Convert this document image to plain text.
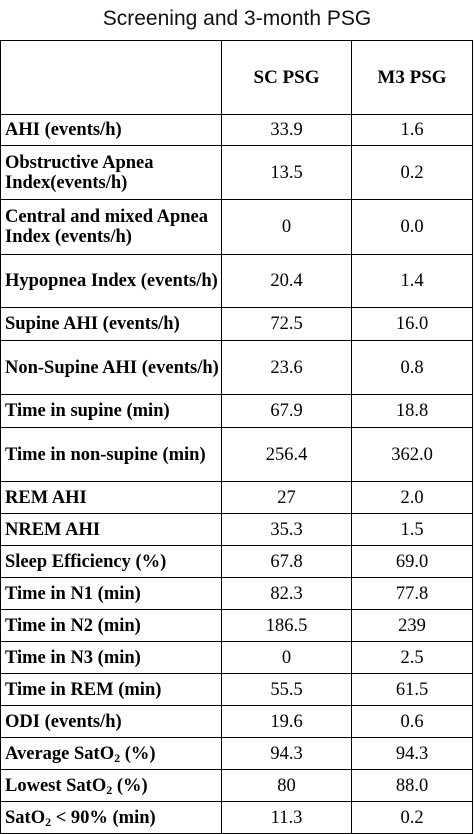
Screening and 3-month PSG
	SC PSG	M3 PSG
AHI (events/h)	33.9	1.6
Obstructive Apnea Index(events/h)	13.5	0.2
Central and mixed Apnea Index (events/h)	0	0.0
Hypopnea Index (events/h)	20.4	1.4
Supine AHI (events/h)	72.5	16.0
Non-Supine AHI (events/h)	23.6	0.8
Time in supine (min)	67.9	18.8
Time in non-supine (min)	256.4	362.0
REM AHI	27	2.0
NREM AHI	35.3	1.5
Sleep Efficiency (%)	67.8	69.0
Time in N1 (min)	82.3	77.8
Time in N2 (min)	186.5	239
Time in N3 (min)	0	2.5
Time in REM (min)	55.5	61.5
ODI (events/h)	19.6	0.6
Average SatO$_2$ (%)	94.3	94.3
Lowest SatO$_2$ (%)	80	88.0
SatO$_2$ < 90% (min)	11.3	0.2
